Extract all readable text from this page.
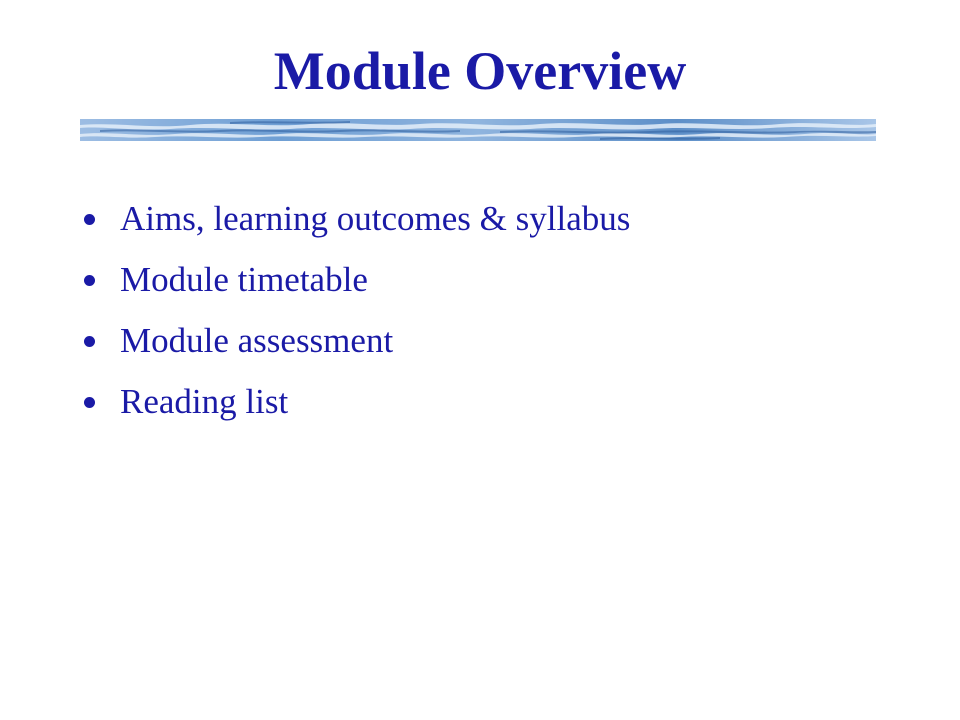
Module Overview
Aims, learning outcomes & syllabus
Module timetable
Module assessment
Reading list
